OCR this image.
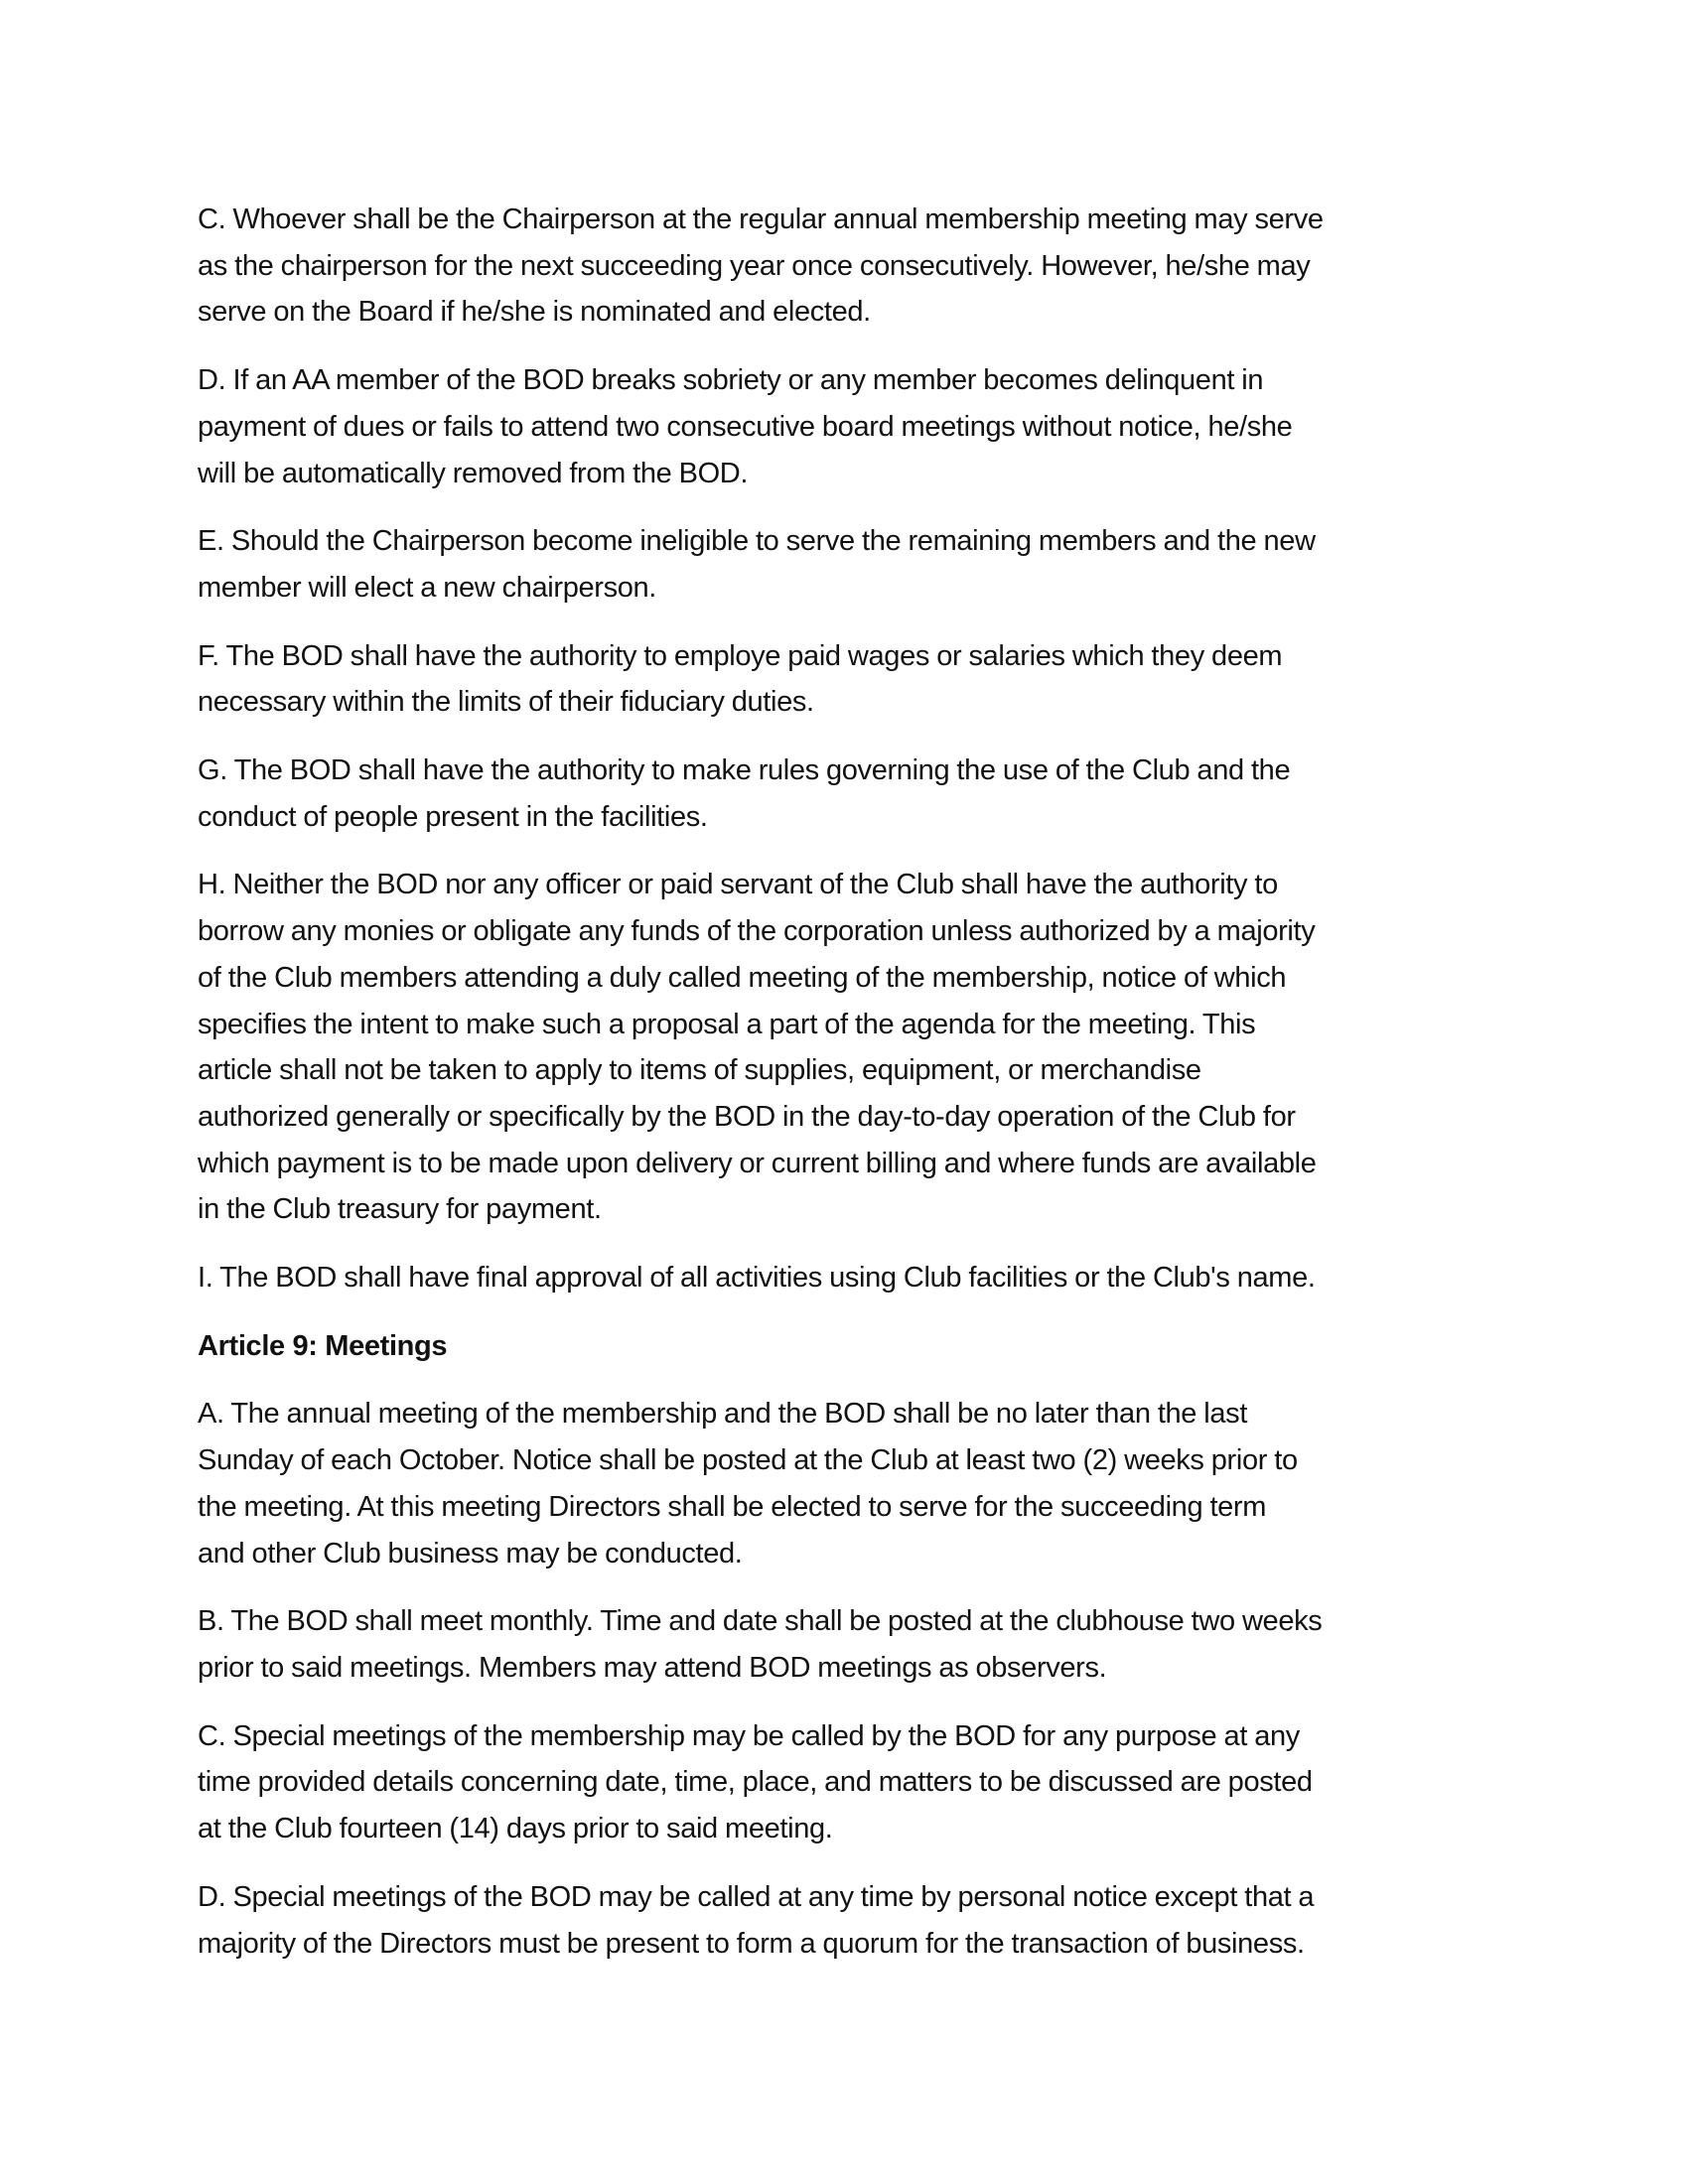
C. Whoever shall be the Chairperson at the regular annual membership meeting may serve
as the chairperson for the next succeeding year once consecutively. However, he/she may
serve on the Board if he/she is nominated and elected.

D. If an AA member of the BOD breaks sobriety or any member becomes delinquent in
payment of dues or fails to attend two consecutive board meetings without notice, he/she
will be automatically removed from the BOD.

E. Should the Chairperson become ineligible to serve the remaining members and the new
member will elect a new chairperson.

F. The BOD shall have the authority to employe paid wages or salaries which they deem
necessary within the limits of their fiduciary duties.

G. The BOD shall have the authority to make rules governing the use of the Club and the
conduct of people present in the facilities.

H. Neither the BOD nor any officer or paid servant of the Club shall have the authority to
borrow any monies or obligate any funds of the corporation unless authorized by a majority
of the Club members attending a duly called meeting of the membership, notice of which
specifies the intent to make such a proposal a part of the agenda for the meeting. This
article shall not be taken to apply to items of supplies, equipment, or merchandise
authorized generally or specifically by the BOD in the day-to-day operation of the Club for
which payment is to be made upon delivery or current billing and where funds are available
in the Club treasury for payment.

I. The BOD shall have final approval of all activities using Club facilities or the Club's name.

Article 9: Meetings

A. The annual meeting of the membership and the BOD shall be no later than the last
Sunday of each October. Notice shall be posted at the Club at least two (2) weeks prior to
the meeting. At this meeting Directors shall be elected to serve for the succeeding term
and other Club business may be conducted.

B. The BOD shall meet monthly. Time and date shall be posted at the clubhouse two weeks
prior to said meetings. Members may attend BOD meetings as observers.

C. Special meetings of the membership may be called by the BOD for any purpose at any
time provided details concerning date, time, place, and matters to be discussed are posted
at the Club fourteen (14) days prior to said meeting.

D. Special meetings of the BOD may be called at any time by personal notice except that a
majority of the Directors must be present to form a quorum for the transaction of business.
